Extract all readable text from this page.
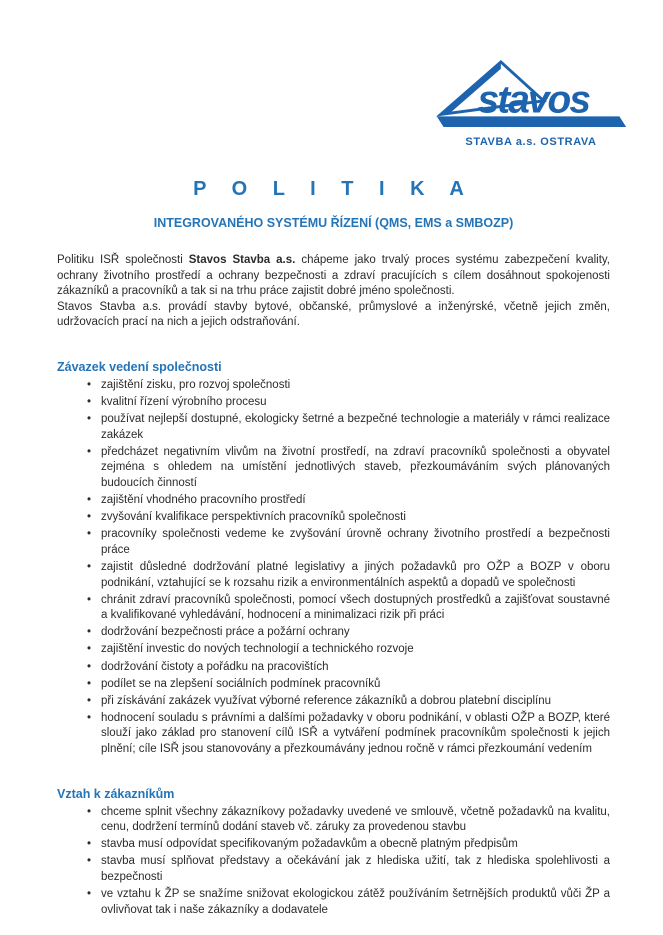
stavos
STAVBA a.s. OSTRAVA
P O L I T I K A
INTEGROVANÉHO SYSTÉMU ŘÍZENÍ (QMS, EMS a SMBOZP)

Politiku ISŘ společnosti Stavos Stavba a.s. chápeme jako trvalý proces systému zabezpečení kvality, ochrany životního prostředí a ochrany bezpečnosti a zdraví pracujících s cílem dosáhnout spokojenosti zákazníků a pracovníků a tak si na trhu práce zajistit dobré jméno společnosti.

Stavos Stavba a.s. provádí stavby bytové, občanské, průmyslové a inženýrské, včetně jejich změn, udržovacích prací na nich a jejich odstraňování.

Závazek vedení společnosti
• zajištění zisku, pro rozvoj společnosti
• kvalitní řízení výrobního procesu
• používat nejlepší dostupné, ekologicky šetrné a bezpečné technologie a materiály v rámci realizace zakázek
• předcházet negativním vlivům na životní prostředí, na zdraví pracovníků společnosti a obyvatel zejména s ohledem na umístění jednotlivých staveb, přezkoumáváním svých plánovaných budoucích činností
• zajištění vhodného pracovního prostředí
• zvyšování kvalifikace perspektivních pracovníků společnosti
• pracovníky společnosti vedeme ke zvyšování úrovně ochrany životního prostředí a bezpečnosti práce
• zajistit důsledné dodržování platné legislativy a jiných požadavků pro OŽP a BOZP v oboru podnikání, vztahující se k rozsahu rizik a environmentálních aspektů a dopadů ve společnosti
• chránit zdraví pracovníků společnosti, pomocí všech dostupných prostředků a zajišťovat soustavné a kvalifikované vyhledávání, hodnocení a minimalizaci rizik při práci
• dodržování bezpečnosti práce a požární ochrany
• zajištění investic do nových technologií a technického rozvoje
• dodržování čistoty a pořádku na pracovištích
• podílet se na zlepšení sociálních podmínek pracovníků
• při získávání zakázek využívat výborné reference zákazníků a dobrou platební disciplínu
• hodnocení souladu s právními a dalšími požadavky v oboru podnikání, v oblasti OŽP a BOZP, které slouží jako základ pro stanovení cílů ISŘ a vytváření podmínek pracovníkům společnosti k jejich plnění; cíle ISŘ jsou stanovovány a přezkoumávány jednou ročně v rámci přezkoumání vedením
Vztah k zákazníkům
• chceme splnit všechny zákazníkovy požadavky uvedené ve smlouvě, včetně požadavků na kvalitu, cenu, dodržení termínů dodání staveb vč. záruky za provedenou stavbu
• stavba musí odpovídat specifikovaným požadavkům a obecně platným předpisům
• stavba musí splňovat představy a očekávání jak z hlediska užití, tak z hlediska spolehlivosti a bezpečnosti
• ve vztahu k ŽP se snažíme snižovat ekologickou zátěž používáním šetrnějších produktů vůči ŽP a ovlivňovat tak i naše zákazníky a dodavatele
